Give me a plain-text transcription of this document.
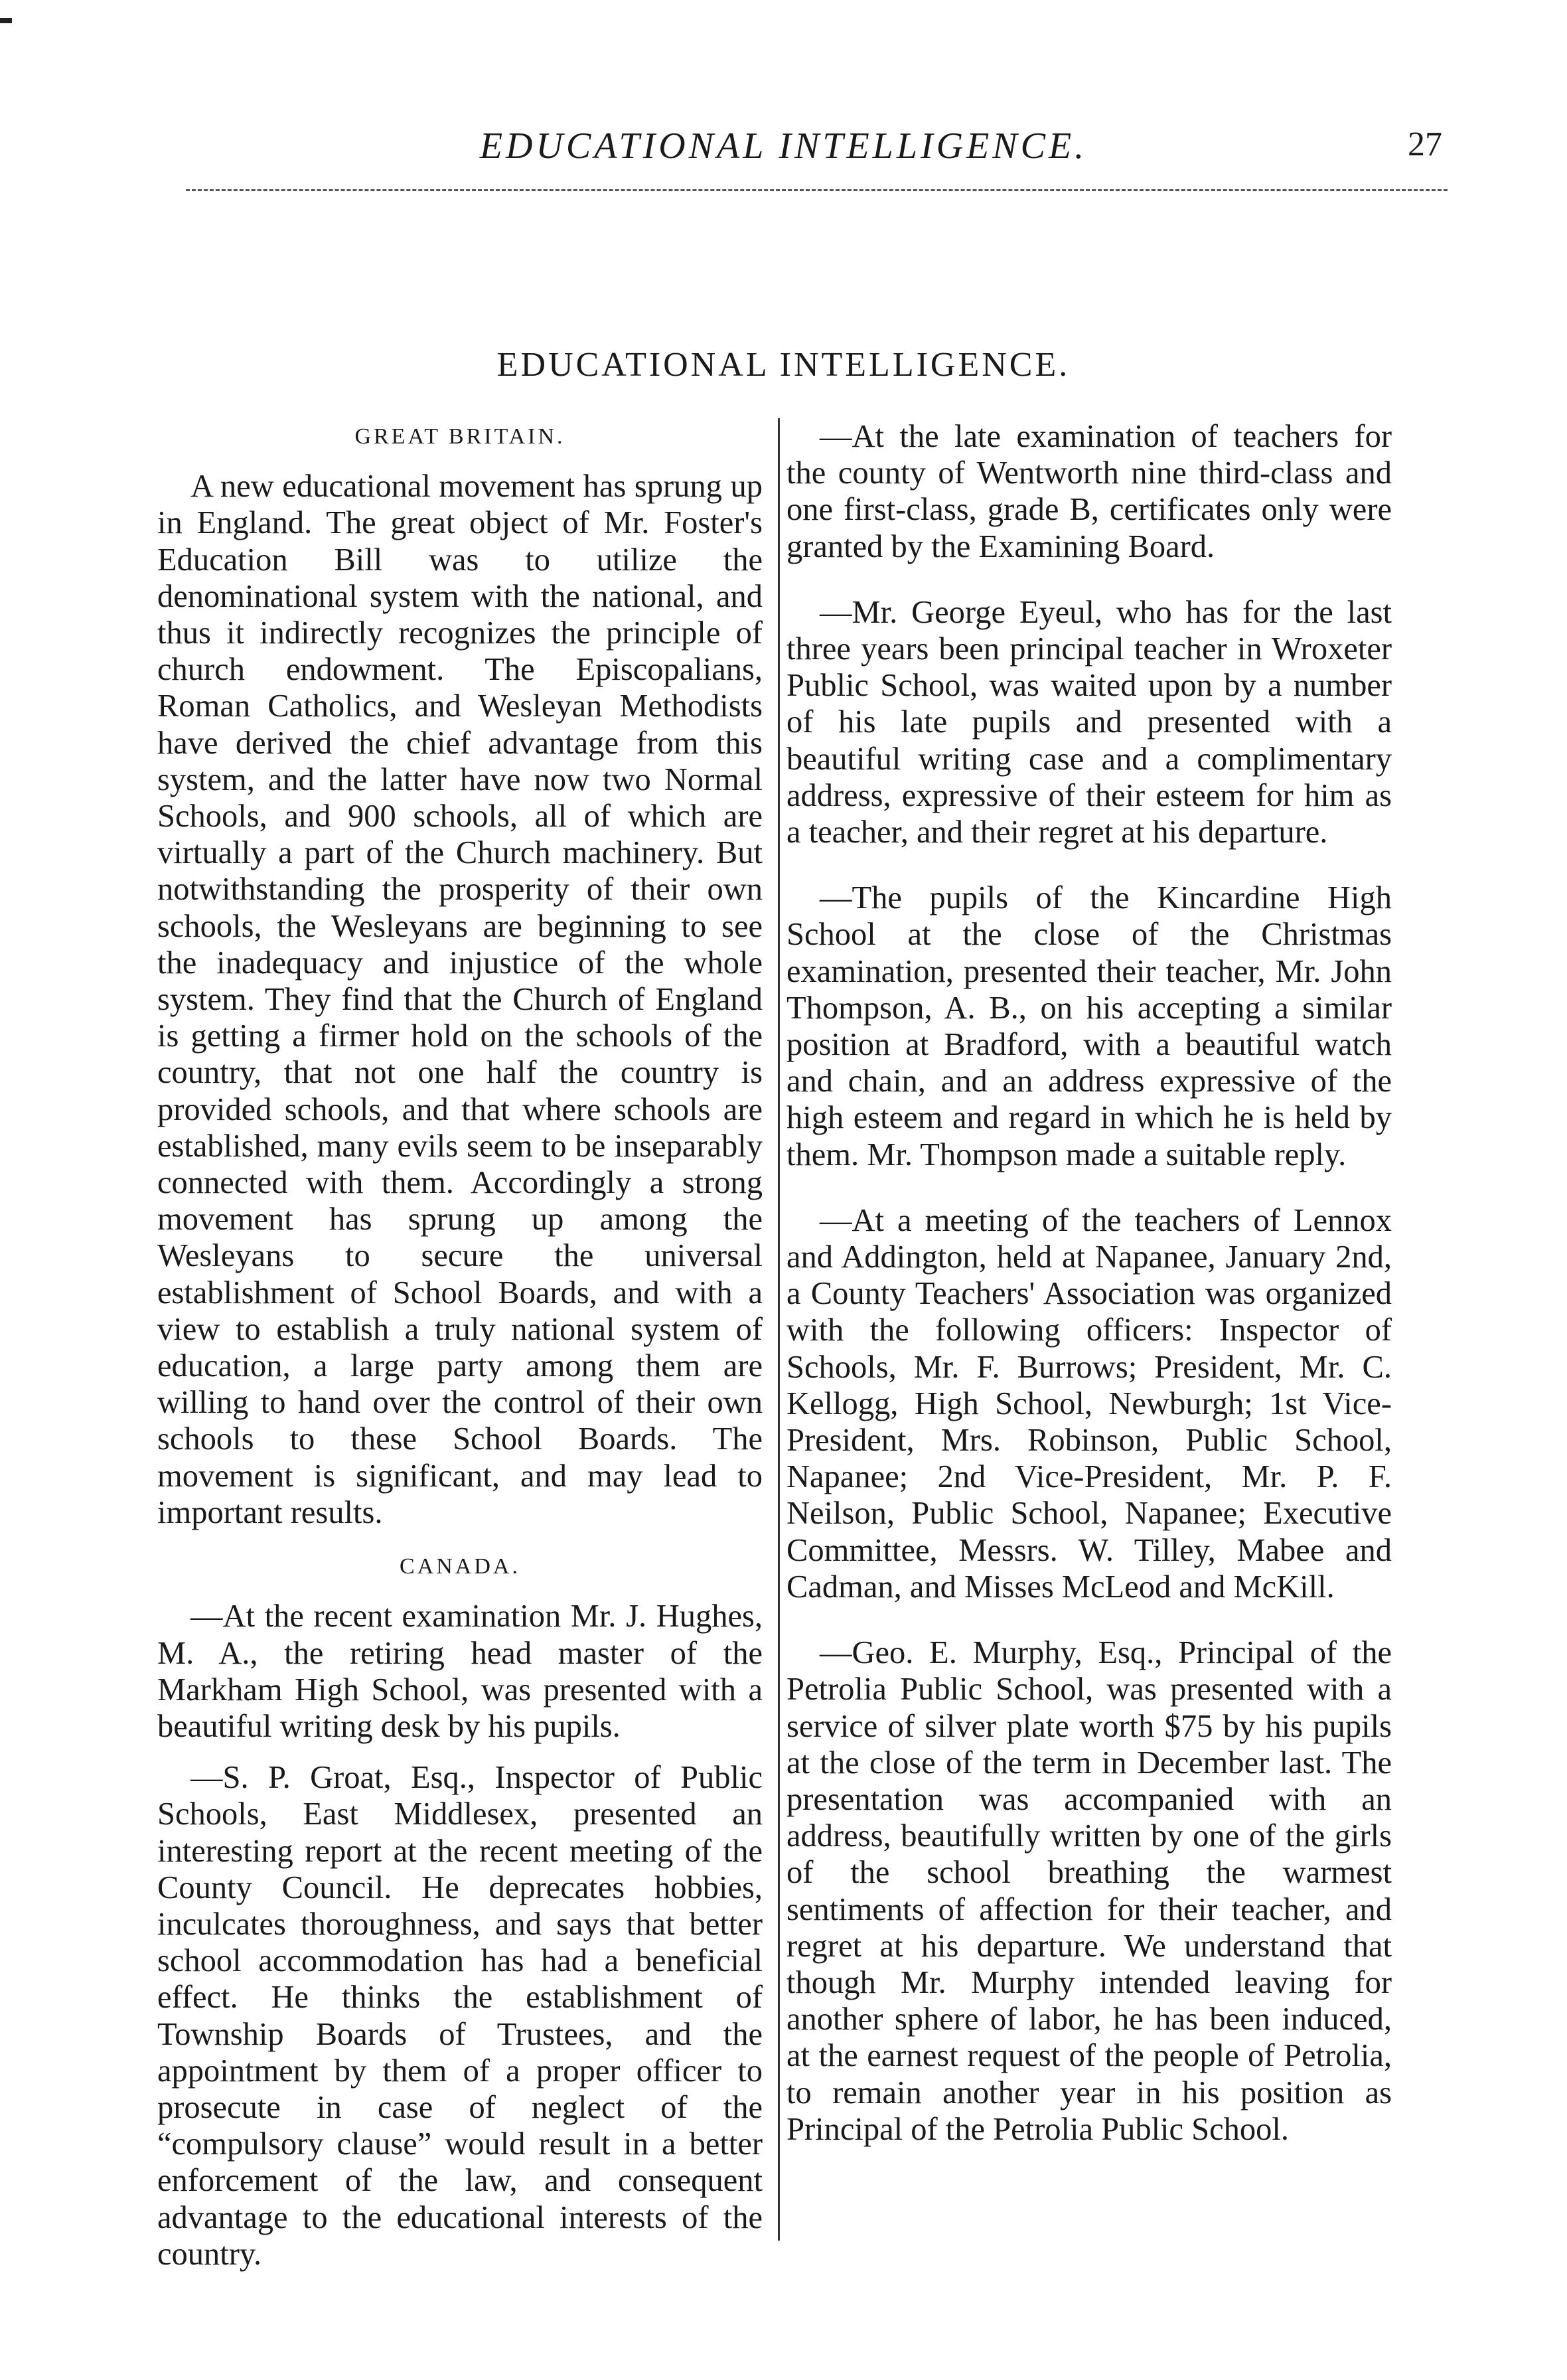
EDUCATIONAL INTELLIGENCE.	27
EDUCATIONAL INTELLIGENCE.
GREAT BRITAIN.

A new educational movement has sprung up in England. The great object of Mr. Foster's Education Bill was to utilize the denominational system with the national, and thus it indirectly recognizes the principle of church endowment. The Episcopalians, Roman Catholics, and Wesleyan Methodists have derived the chief advantage from this system, and the latter have now two Normal Schools, and 900 schools, all of which are virtually a part of the Church machinery. But notwithstanding the prosperity of their own schools, the Wesleyans are beginning to see the inadequacy and injustice of the whole system. They find that the Church of England is getting a firmer hold on the schools of the country, that not one half the country is provided schools, and that where schools are established, many evils seem to be inseparably connected with them. Accordingly a strong movement has sprung up among the Wesleyans to secure the universal establishment of School Boards, and with a view to establish a truly national system of education, a large party among them are willing to hand over the control of their own schools to these School Boards. The movement is significant, and may lead to important results.

CANADA.

—At the recent examination Mr. J. Hughes, M. A., the retiring head master of the Markham High School, was presented with a beautiful writing desk by his pupils.

—S. P. Groat, Esq., Inspector of Public Schools, East Middlesex, presented an interesting report at the recent meeting of the County Council. He deprecates hobbies, inculcates thoroughness, and says that better school accommodation has had a beneficial effect. He thinks the establishment of Township Boards of Trustees, and the appointment by them of a proper officer to prosecute in case of neglect of the “compulsory clause” would result in a better enforcement of the law, and consequent advantage to the educational interests of the country.

—At the late examination of teachers for the county of Wentworth nine third-class and one first-class, grade B, certificates only were granted by the Examining Board.

—Mr. George Eyeul, who has for the last three years been principal teacher in Wroxeter Public School, was waited upon by a number of his late pupils and presented with a beautiful writing case and a complimentary address, expressive of their esteem for him as a teacher, and their regret at his departure.

—The pupils of the Kincardine High School at the close of the Christmas examination, presented their teacher, Mr. John Thompson, A. B., on his accepting a similar position at Bradford, with a beautiful watch and chain, and an address expressive of the high esteem and regard in which he is held by them. Mr. Thompson made a suitable reply.

—At a meeting of the teachers of Lennox and Addington, held at Napanee, January 2nd, a County Teachers' Association was organized with the following officers: Inspector of Schools, Mr. F. Burrows; President, Mr. C. Kellogg, High School, Newburgh; 1st Vice-President, Mrs. Robinson, Public School, Napanee; 2nd Vice-President, Mr. P. F. Neilson, Public School, Napanee; Executive Committee, Messrs. W. Tilley, Mabee and Cadman, and Misses McLeod and McKill.

—Geo. E. Murphy, Esq., Principal of the Petrolia Public School, was presented with a service of silver plate worth $75 by his pupils at the close of the term in December last. The presentation was accompanied with an address, beautifully written by one of the girls of the school breathing the warmest sentiments of affection for their teacher, and regret at his departure. We understand that though Mr. Murphy intended leaving for another sphere of labor, he has been induced, at the earnest request of the people of Petrolia, to remain another year in his position as Principal of the Petrolia Public School.
